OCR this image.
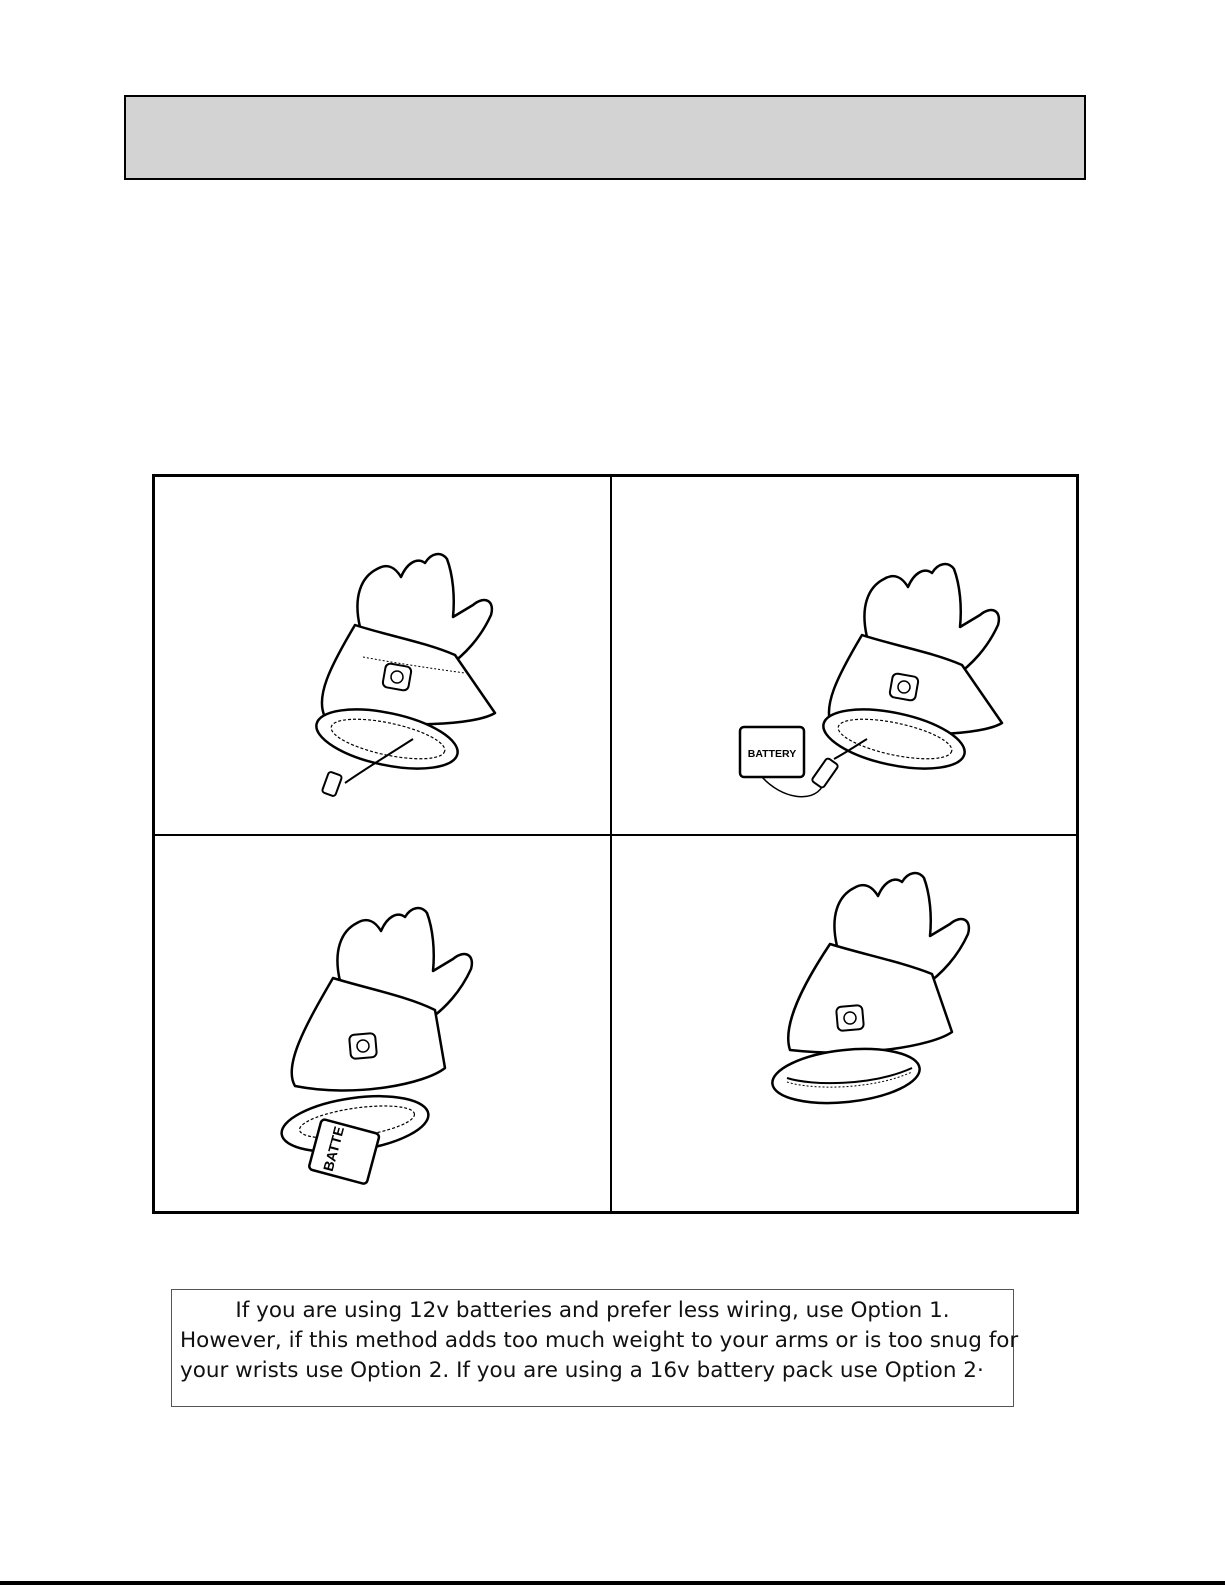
BATTERY
BATTE
If you are using 12v batteries and prefer less wiring, use Option 1.
However, if this method adds too much weight to your arms or is too snug for
your wrists use Option 2. If you are using a 16v battery pack use Option 2·
